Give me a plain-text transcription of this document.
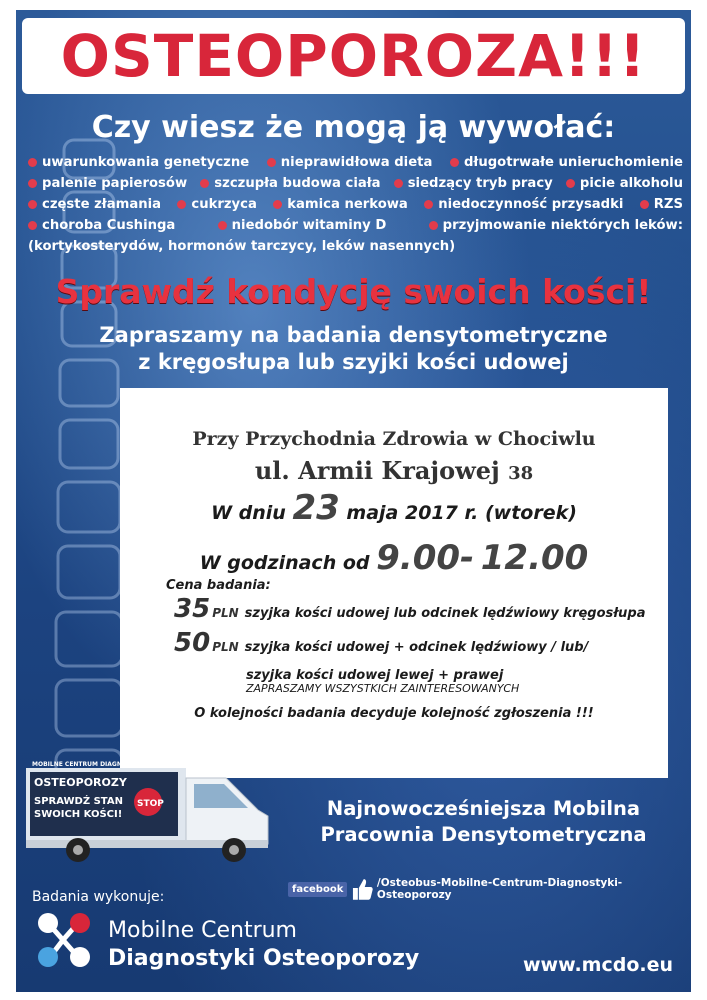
OSTEOPOROZA!!!
Czy wiesz że mogą ją wywołać:
uwarunkowania genetyczne nieprawidłowa dieta długotrwałe unieruchomienie
palenie papierosów szczupła budowa ciała siedzący tryb pracy picie alkoholu
częste złamania cukrzyca kamica nerkowa niedoczynność przysadki RZS
choroba Cushinga	niedobór witaminy D	przyjmowanie niektórych leków:
(kortykosterydów, hormonów tarczycy, leków nasennych)
Sprawdź kondycję swoich kości!
Zapraszamy na badania densytometryczne
z kręgosłupa lub szyjki kości udowej
Przy Przychodnia Zdrowia w Chociwlu
ul. Armii Krajowej 38
W dniu 23 maja 2017 r. (wtorek)
W godzinach od 9.00- 12.00
Cena badania:
35 PLN szyjka kości udowej lub odcinek lędźwiowy kręgosłupa
50 PLN szyjka kości udowej + odcinek lędźwiowy / lub/
szyjka kości udowej lewej + prawej
ZAPRASZAMY WSZYSTKICH ZAINTERESOWANYCH
O kolejności badania decyduje kolejność zgłoszenia !!!
MOBILNE CENTRUM DIAGNOSTYKI
OSTEOPOROZY
SPRAWDŹ STAN
SWOICH KOŚCI!
STOP	Najnowocześniejsza Mobilna
Pracownia Densytometryczna
facebook	/Osteobus-Mobilne-Centrum-Diagnostyki-Osteoporozy
Badania wykonuje:
Mobilne Centrum
Diagnostyki Osteoporozy	www.mcdo.eu
